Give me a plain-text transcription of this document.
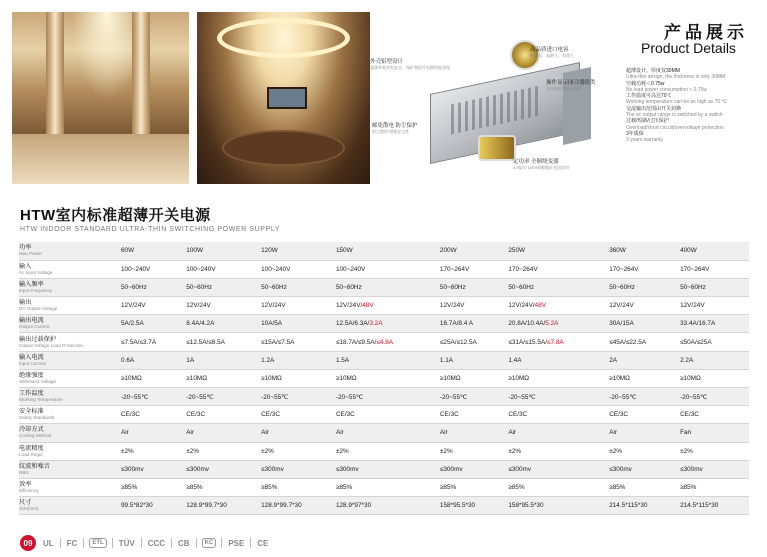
外壳铝型设计
超薄外观省电安全，保护和提升电路性能表现
高品质进口电容
低高压，高耐久，寿命久
操作显示闭合器组类
长时间稳定供电保护
邮免散电 防尘保护
防尘散热 增强安全性
定功率 全铜绕变器
4.5倍功 100%调整输出电流良好
产品展示
Product Details
超薄设计，厚度仅30MM
Ultra-thin design, the thickness is only 30MM
空载功耗＜0.75w
No load power consumption < 0.75w
工作温度可高达70℃
Working temperature can be as high as 70 ℃
交流输出范围由开关切换
The ac output range is switched by a switch
过载/短路/过压保护
Overload/short circuit/overvoltage protection
3年质保
3 years warranty
HTW室内标准超薄开关电源
HTW INDOOR STANDARD ULTRA-THIN SWITCHING POWER SUPPLY
功率
Max.Power	60W	100W	120W	150W	200W	250W	360W	400W

输入
Ac Input Voltage	100~240V	100~240V	100~240V	100~240V	170~264V	170~264V	170~264V	170~264V

输入频率
Input Frequency	50~60Hz	50~60Hz	50~60Hz	50~60Hz	50~60Hz	50~60Hz	50~60Hz	50~60Hz

输出
DC Output Voltage	12V/24V	12V/24V	12V/24V	12V/24V/48V	12V/24V	12V/24V/48V	12V/24V	12V/24V

输出电流
Output Current	5A/2.5A	8.4A/4.2A	10A/5A	12.5A/6.3A/3.2A	16.7A/8.4 A	20.8A/10.4A/5.2A	30A/15A	33.4A/16.7A

输出过载保护
Output Voltage Load Protection	≤7.5A/≤3.7A	≤12.5A/≤6.5A	≤15A/≤7.5A	≤18.7A/≤9.5A/≤4.8A	≤25A/≤12.5A	≤31A/≤15.5A/≤7.8A	≤45A/≤22.5A	≤50A/≤25A

输入电流
Input Current	0.6A	1A	1.2A	1.5A	1.1A	1.4A	2A	2.2A

绝缘强度
Withstand Voltage	≥10MΩ	≥10MΩ	≥10MΩ	≥10MΩ	≥10MΩ	≥10MΩ	≥10MΩ	≥10MΩ

工作温度
Working Temperature	-20~55℃	-20~55℃	-20~55℃	-20~55℃	-20~55℃	-20~55℃	-20~55℃	-20~55℃

安全标准
Safety Standards	CE/3C	CE/3C	CE/3C	CE/3C	CE/3C	CE/3C	CE/3C	CE/3C

冷却方式
Cooling Method	Air	Air	Air	Air	Air	Air	Air	Fan

电流精度
Load Regul	±2%	±2%	±2%	±2%	±2%	±2%	±2%	±2%

纹波和噪音
R&N	≤300mv	≤300mv	≤300mv	≤300mv	≤300mv	≤300mv	≤300mv	≤300mv

效率
Efficiency	≥85%	≥85%	≥85%	≥85%	≥85%	≥85%	≥85%	≥85%

尺寸
Size(mm)	99.5*82*30	128.9*99.7*30	128.9*99.7*30	128.9*97*30	158*95.5*30	158*95.5*30	214.5*115*30	214.5*115*30
09	UL FC	ETL	TÜV CCC CB	KC	PSE CE
